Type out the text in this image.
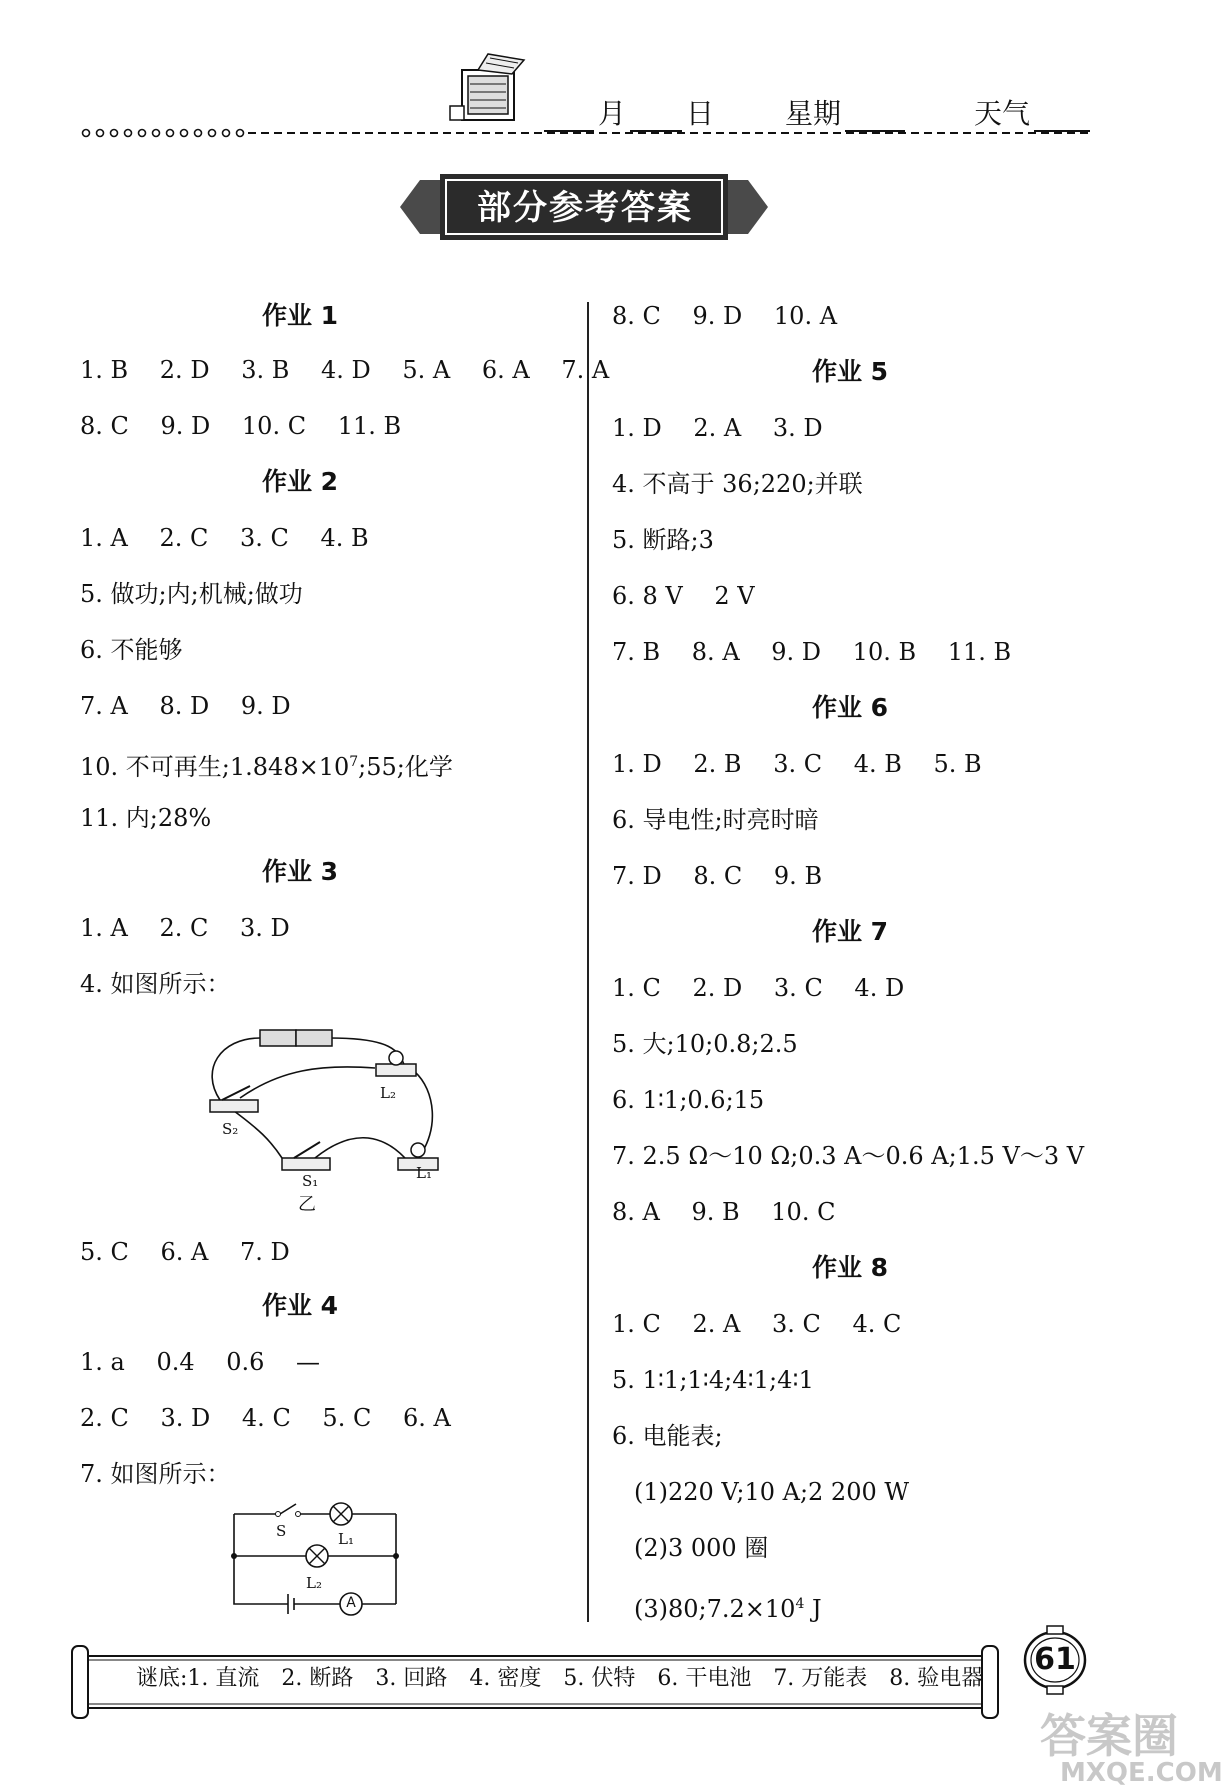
月 日	星期	天气
部分参考答案
作业 1
1. B　 2. D　 3. B　 4. D　 5. A　 6. A　 7. A
8. C　 9. D　 10. C　 11. B
作业 2
1. A　 2. C　 3. C　 4. B
5. 做功;内;机械;做功
6. 不能够
7. A　 8. D　 9. D
10. 不可再生$;1.848\times 10^7;55$;化学
11. 内;28%
作业 3
1. A　 2. C　 3. D
4. 如图所示：
S₂
L₂
S₁	L₁
乙
5. C　 6. A　 7. D
作业 4
1. a　 0.4　 0.6　 —
2. C　 3. D　 4. C　 5. C　 6. A
7. 如图所示：
S	L₁
L₂
A
8. C　 9. D　 10. A
作业 5
1. D　 2. A　 3. D
4. 不高于 36;220;并联
5. 断路;3
6. 8 V　 2 V
7. B　 8. A　 9. D　 10. B　 11. B
作业 6
1. D　 2. B　 3. C　 4. B　 5. B
6. 导电性;时亮时暗
7. D　 8. C　 9. B
作业 7
1. C　 2. D　 3. C　 4. D
5. 大;10;0.8;2.5
6. 1∶1;0.6;15
7. 2.5 Ω～10 Ω;0.3 A～0.6 A;1.5 V～3 V
8. A　 9. B　 10. C
作业 8
1. C　 2. A　 3. C　 4. C
5. 1∶1;1∶4;4∶1;4∶1
6. 电能表;
(1)220 V;10 A;2 200 W
(2)3 000 圈
$(3)80;7.2\times 10^4$ J
谜底:1. 直流　2. 断路　3. 回路　4. 密度　5. 伏特　6. 干电池　7. 万能表　8. 验电器
61
答案圈
MXQE.COM
